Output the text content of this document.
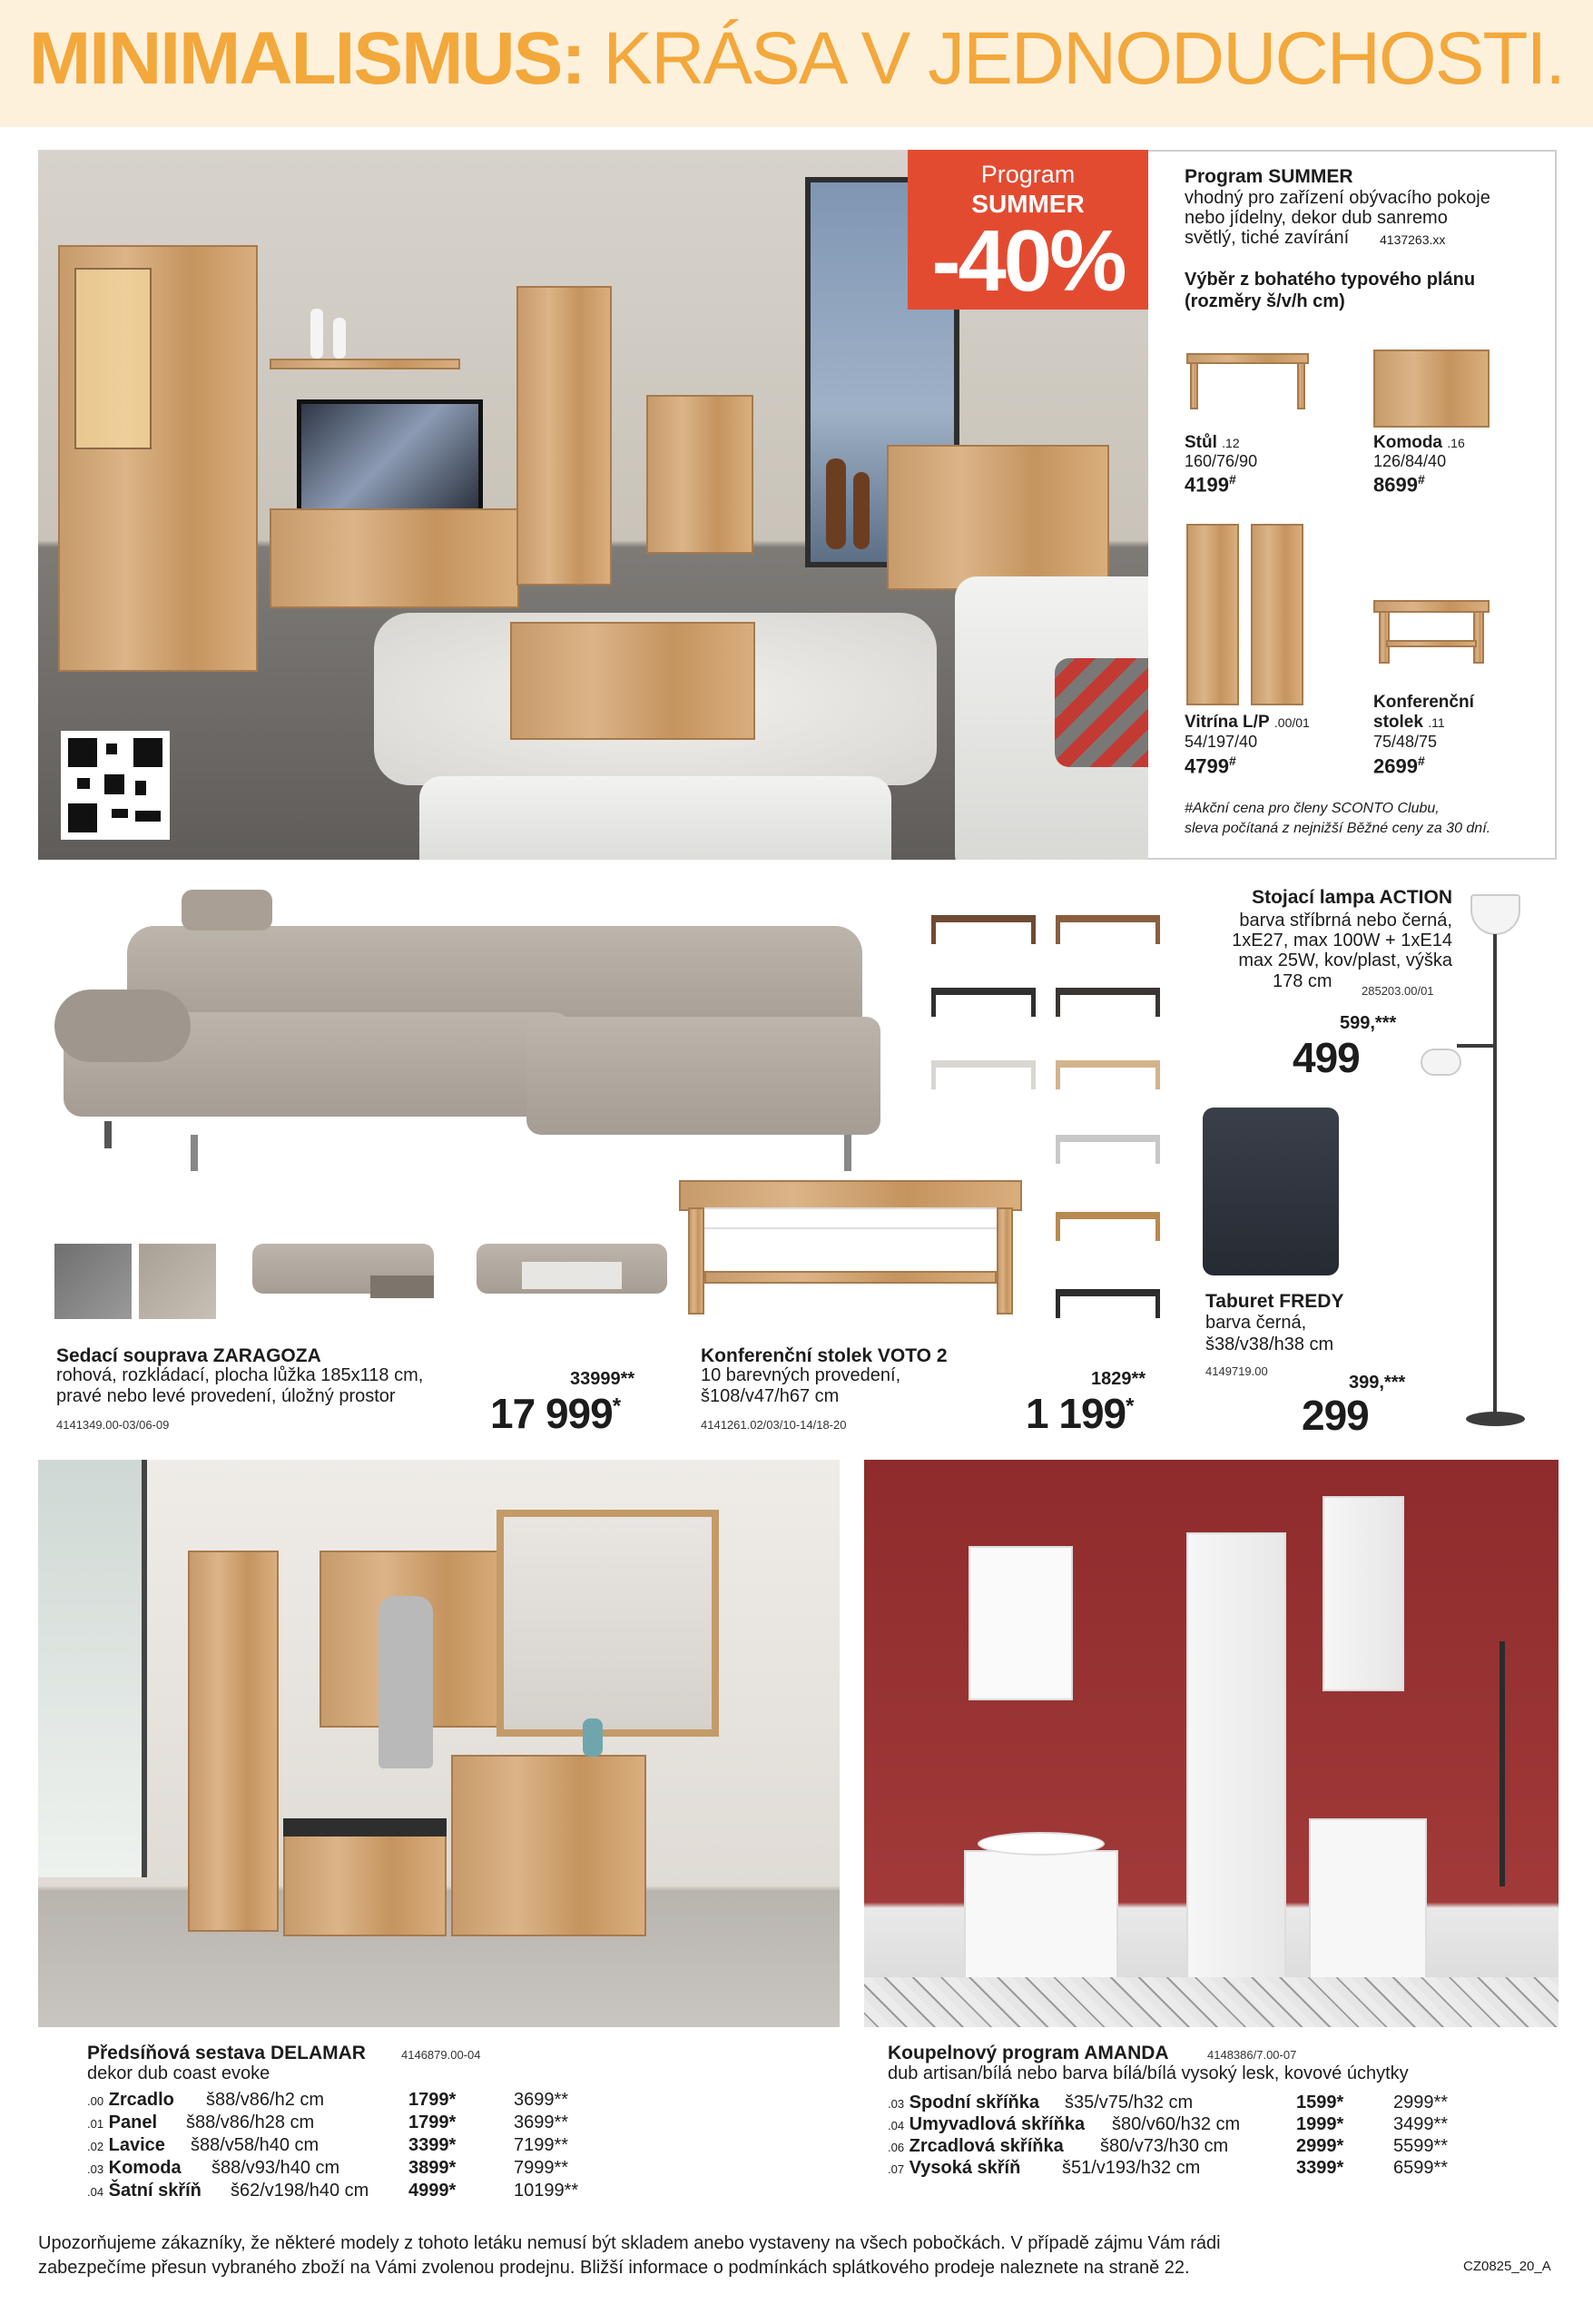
MINIMALISMUS: KRÁSA V JEDNODUCHOSTI.
Program
SUMMER
-40%
Program SUMMER
vhodný pro zařízení obývacího pokoje
nebo jídelny, dekor dub sanremo
světlý, tiché zavírání 4137263.xx
Výběr z bohatého typového plánu
(rozměry š/v/h cm)
Stůl .12
160/76/90
4199#
Komoda .16
126/84/40
8699#
Vitrína L/P .00/01
54/197/40
4799#
Konferenční
stolek .11
75/48/75
2699#
#Akční cena pro členy SCONTO Clubu,
sleva počítaná z nejnižší Běžné ceny za 30 dní.
Sedací souprava ZARAGOZA
rohová, rozkládací, plocha lůžka 185x118 cm,
pravé nebo levé provedení, úložný prostor
4141349.00-03/06-09
33999**
17 999*
Konferenční stolek VOTO 2
10 barevných provedení,
š108/v47/h67 cm
4141261.02/03/10-14/18-20
1829**
1 199*
Stojací lampa ACTION
barva stříbrná nebo černá,
1xE27, max 100W + 1xE14
max 25W, kov/plast, výška
178 cm 285203.00/01
599,***
499
Taburet FREDY
barva černá,
š38/v38/h38 cm
4149719.00
399,***
299
Předsíňová sestava DELAMAR	4146879.00-04
dekor dub coast evoke
.00 Zrcadlo š88/v86/h2 cm	1799*	3699**
.01 Panel š88/v86/h28 cm	1799*	3699**
.02 Lavice š88/v58/h40 cm	3399*	7199**
.03 Komoda š88/v93/h40 cm	3899*	7999**
.04 Šatní skříň š62/v198/h40 cm 4999*	10199**
Koupelnový program AMANDA	4148386/7.00-07
dub artisan/bílá nebo barva bílá/bílá vysoký lesk, kovové úchytky
.03 Spodní skříňka š35/v75/h32 cm	1599*	2999**
.04 Umyvadlová skříňka š80/v60/h32 cm	1999*	3499**
.06 Zrcadlová skříňka š80/v73/h30 cm	2999*	5599**
.07 Vysoká skříň š51/v193/h32 cm	3399*	6599**
Upozorňujeme zákazníky, že některé modely z tohoto letáku nemusí být skladem anebo vystaveny na všech pobočkách. V případě zájmu Vám rádi
zabezpečíme přesun vybraného zboží na Vámi zvolenou prodejnu. Bližší informace o podmínkách splátkového prodeje naleznete na straně 22.	CZ0825_20_A
